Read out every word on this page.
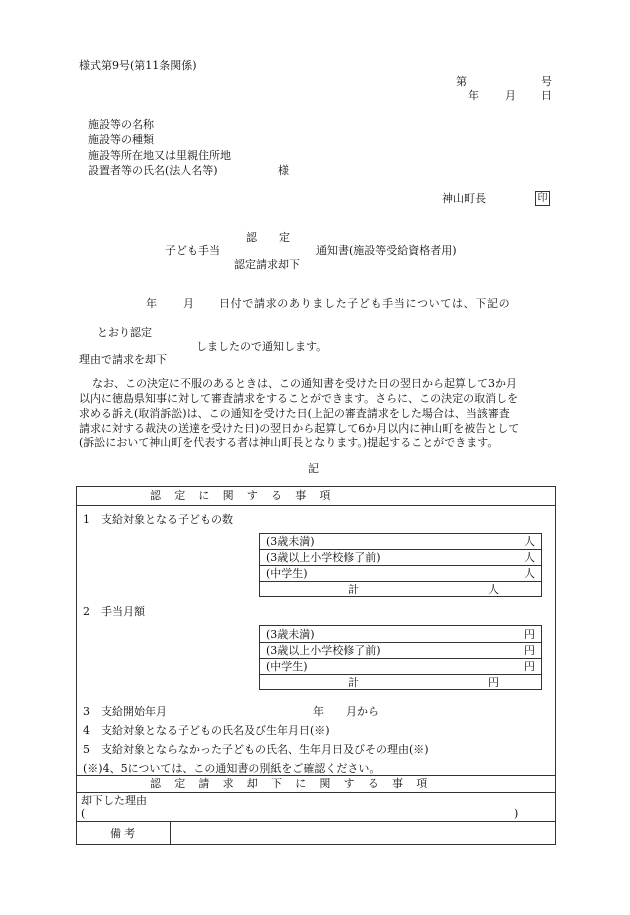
様式第9号(第11条関係)
第	号
年 月 日
施設等の名称
施設等の種類
施設等所在地又は里親住所地
設置者等の氏名(法人名等)	様
神山町長	印
認　　定
子ども手当	通知書(施設等受給資格者用)
認定請求却下
年 月 日付で請求のありました子ども手当については、下記の
とおり認定
しましたので通知します。
理由で請求を却下
なお、この決定に不服のあるときは、この通知書を受けた日の翌日から起算して3か月
以内に徳島県知事に対して審査請求をすることができます。さらに、この決定の取消しを
求める訴え(取消訴訟)は、この通知を受けた日(上記の審査請求をした場合は、当該審査
請求に対する裁決の送達を受けた日)の翌日から起算して6か月以内に神山町を被告として
(訴訟において神山町を代表する者は神山町長となります。)提起することができます。
記
認　定　に　関　す　る　事　項
1　支給対象となる子どもの数
(3歳未満)	人
(3歳以上小学校修了前)	人
(中学生)	人
計	人
2　手当月額
(3歳未満)	円
(3歳以上小学校修了前)	円
(中学生)	円
計	円
3　支給開始年月	年　　月から
4　支給対象となる子どもの氏名及び生年月日(※)
5　支給対象とならなかった子どもの氏名、生年月日及びその理由(※)
(※)4、5については、この通知書の別紙をご確認ください。
認　定　請　求　却　下　に　関　す　る　事　項
却下した理由
(	)
備考
